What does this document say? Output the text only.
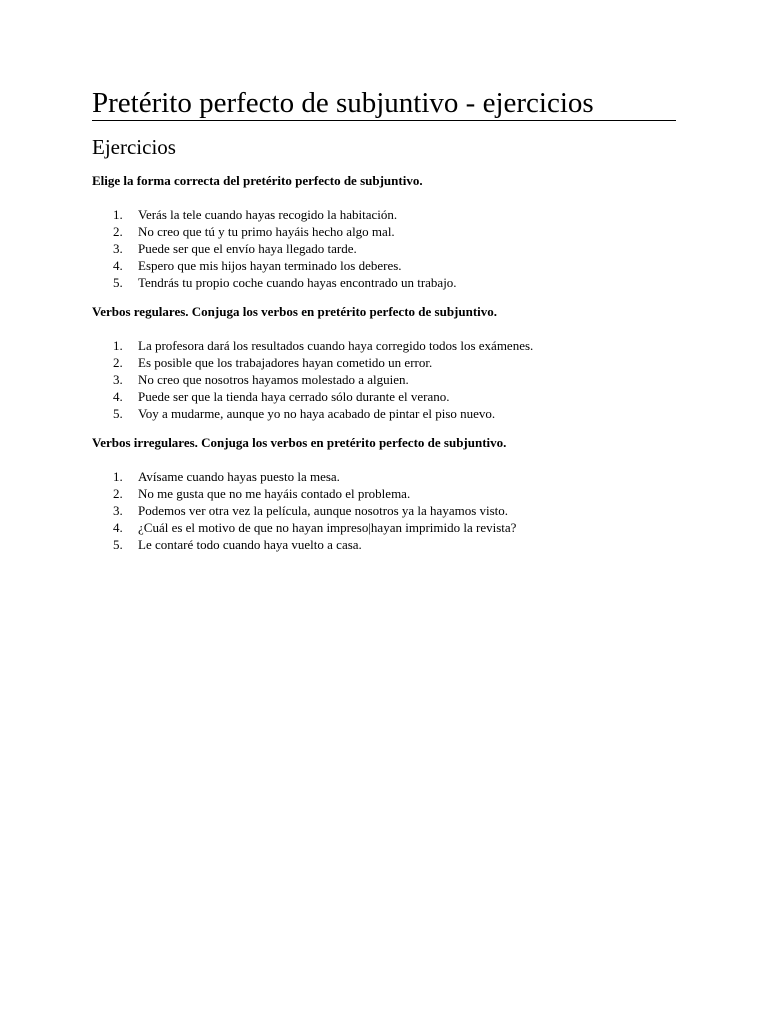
Pretérito perfecto de subjuntivo - ejercicios
Ejercicios

Elige la forma correcta del pretérito perfecto de subjuntivo.

1.	Verás la tele cuando hayas recogido la habitación.
2.	No creo que tú y tu primo hayáis hecho algo mal.
3.	Puede ser que el envío haya llegado tarde.
4.	Espero que mis hijos hayan terminado los deberes.
5.	Tendrás tu propio coche cuando hayas encontrado un trabajo.

Verbos regulares. Conjuga los verbos en pretérito perfecto de subjuntivo.

1.	La profesora dará los resultados cuando haya corregido todos los exámenes.
2.	Es posible que los trabajadores hayan cometido un error.
3.	No creo que nosotros hayamos molestado a alguien.
4.	Puede ser que la tienda haya cerrado sólo durante el verano.
5.	Voy a mudarme, aunque yo no haya acabado de pintar el piso nuevo.

Verbos irregulares. Conjuga los verbos en pretérito perfecto de subjuntivo.

1.	Avísame cuando hayas puesto la mesa.
2.	No me gusta que no me hayáis contado el problema.
3.	Podemos ver otra vez la película, aunque nosotros ya la hayamos visto.
4.	¿Cuál es el motivo de que no hayan impreso|hayan imprimido la revista?
5.	Le contaré todo cuando haya vuelto a casa.
